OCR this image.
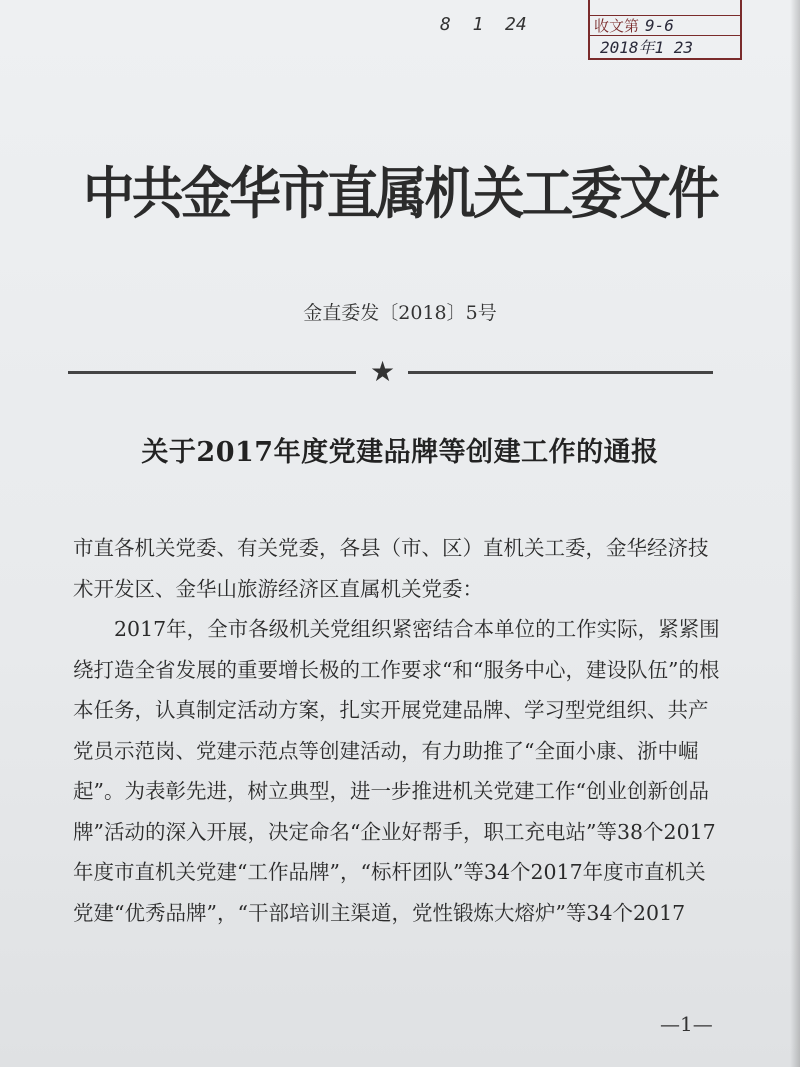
8  1  24	收文第 9-6
2018年1 23
中共金华市直属机关工委文件
金直委发〔2018〕5号
★
关于2017年度党建品牌等创建工作的通报

市直各机关党委、有关党委，各县（市、区）直机关工委，金华经济技术开发区、金华山旅游经济区直属机关党委：

2017年，全市各级机关党组织紧密结合本单位的工作实际，紧紧围绕打造全省发展的重要增长极的工作要求“和“服务中心，建设队伍”的根本任务，认真制定活动方案，扎实开展党建品牌、学习型党组织、共产党员示范岗、党建示范点等创建活动，有力助推了“全面小康、浙中崛起”。为表彰先进，树立典型，进一步推进机关党建工作“创业创新创品牌”活动的深入开展，决定命名“企业好帮手，职工充电站”等38个2017年度市直机关党建“工作品牌”，“标杆团队”等34个2017年度市直机关党建“优秀品牌”，“干部培训主渠道，党性锻炼大熔炉”等34个2017

—1—
